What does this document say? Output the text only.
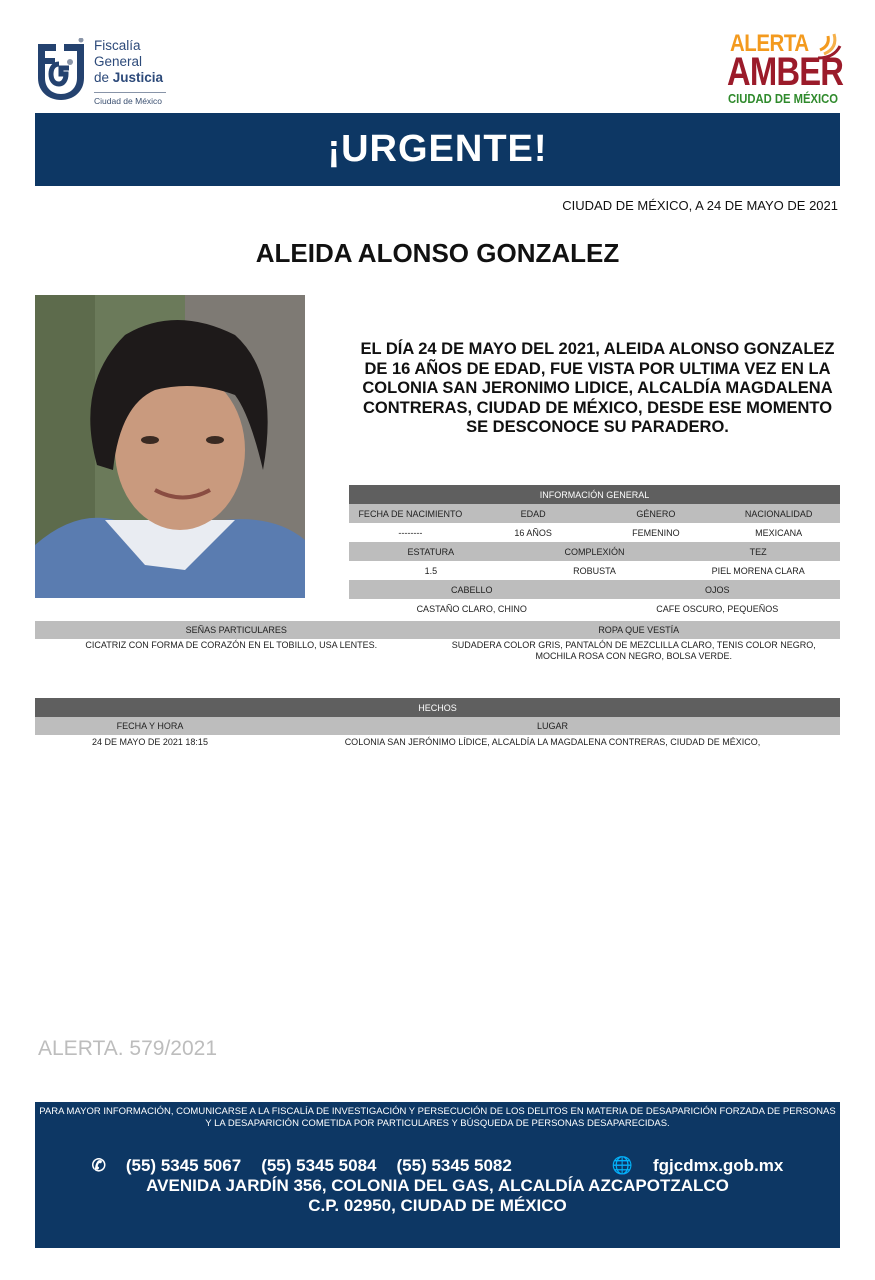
Fiscalía
General
de Justicia
Ciudad de México
ALERTA
AMBER
CIUDAD DE MÉXICO
¡URGENTE!
CIUDAD DE MÉXICO, A 24 DE MAYO DE 2021
ALEIDA ALONSO GONZALEZ
EL DÍA 24 DE MAYO DEL 2021, ALEIDA ALONSO GONZALEZ DE 16 AÑOS DE EDAD, FUE VISTA POR ULTIMA VEZ EN LA COLONIA SAN JERONIMO LIDICE, ALCALDÍA MAGDALENA CONTRERAS, CIUDAD DE MÉXICO, DESDE ESE MOMENTO SE DESCONOCE SU PARADERO.
INFORMACIÓN GENERAL
FECHA DE NACIMIENTO	EDAD	GÉNERO	NACIONALIDAD
--------	16 AÑOS	FEMENINO	MEXICANA
ESTATURA	COMPLEXIÓN	TEZ
1.5	ROBUSTA	PIEL MORENA CLARA
CABELLO	OJOS
CASTAÑO CLARO, CHINO	CAFE OSCURO, PEQUEÑOS
SEÑAS PARTICULARES	ROPA QUE VESTÍA
CICATRIZ CON FORMA DE CORAZÓN EN EL TOBILLO, USA LENTES.	SUDADERA COLOR GRIS, PANTALÓN DE MEZCLILLA CLARO, TENIS COLOR NEGRO, MOCHILA ROSA CON NEGRO, BOLSA VERDE.
HECHOS
FECHA Y HORA	LUGAR
24 DE MAYO DE 2021 18:15	COLONIA SAN JERÓNIMO LÍDICE, ALCALDÍA LA MAGDALENA CONTRERAS, CIUDAD DE MÉXICO,
ALERTA. 579/2021
PARA MAYOR INFORMACIÓN, COMUNICARSE A LA FISCALÍA DE INVESTIGACIÓN Y PERSECUCIÓN DE LOS DELITOS EN MATERIA DE DESAPARICIÓN FORZADA DE PERSONAS Y LA DESAPARICIÓN COMETIDA POR PARTICULARES Y BÚSQUEDA DE PERSONAS DESAPARECIDAS.
✆ (55) 5345 5067 (55) 5345 5084 (55) 5345 5082	🌐 fgjcdmx.gob.mx
AVENIDA JARDÍN 356, COLONIA DEL GAS, ALCALDÍA AZCAPOTZALCO
C.P. 02950, CIUDAD DE MÉXICO
